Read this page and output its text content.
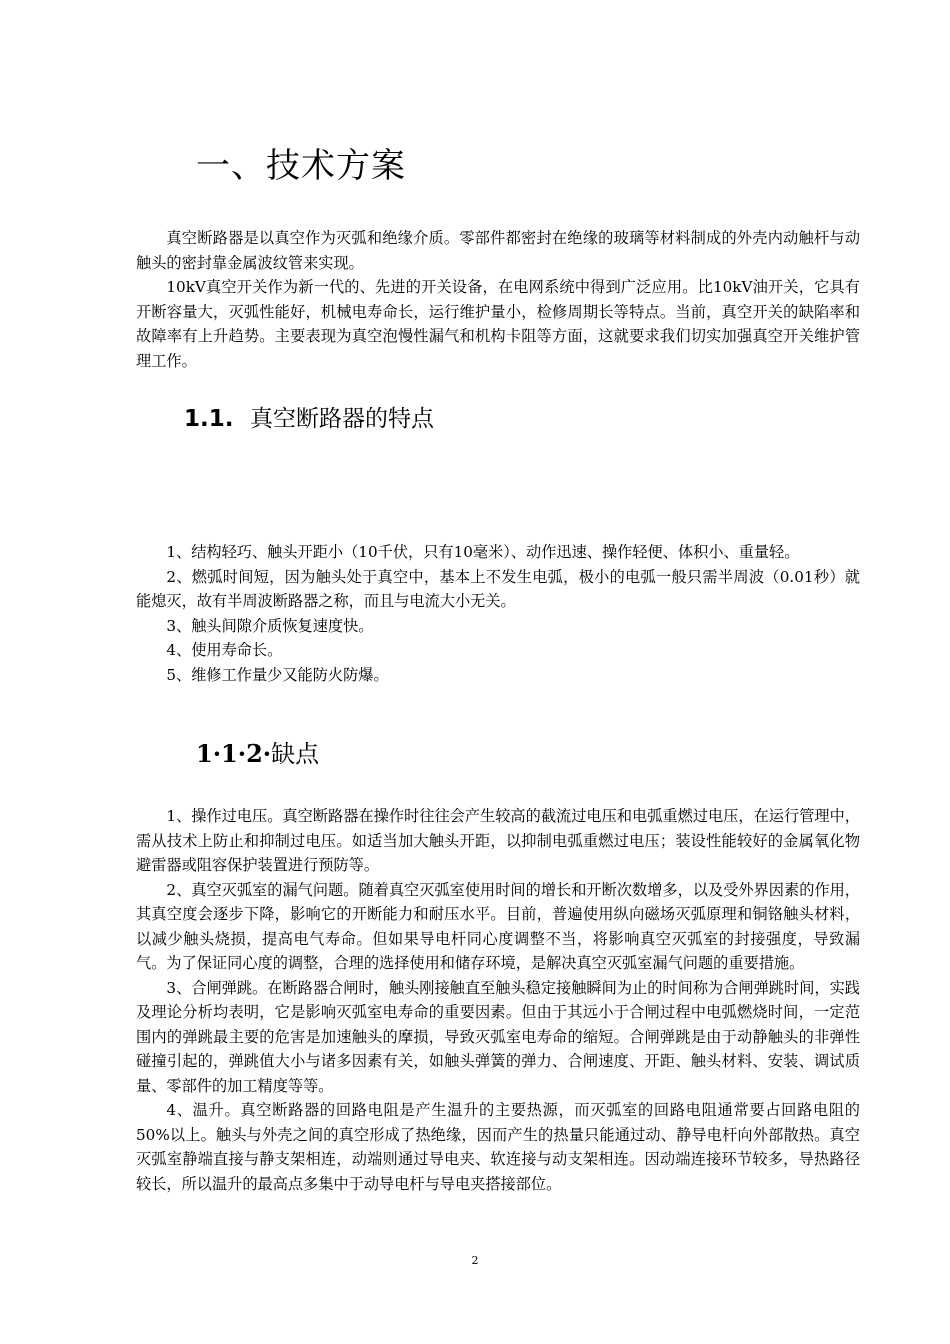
一、技术方案

真空断路器是以真空作为灭弧和绝缘介质。零部件都密封在绝缘的玻璃等材料制成的外壳内动触杆与动触头的密封靠金属波纹管来实现。

10kV真空开关作为新一代的、先进的开关设备，在电网系统中得到广泛应用。比10kV油开关，它具有开断容量大，灭弧性能好，机械电寿命长，运行维护量小，检修周期长等特点。当前，真空开关的缺陷率和故障率有上升趋势。主要表现为真空泡慢性漏气和机构卡阻等方面，这就要求我们切实加强真空开关维护管理工作。

1.1. 真空断路器的特点

1、结构轻巧、触头开距小（10千伏，只有10毫米）、动作迅速、操作轻便、体积小、重量轻。

2、燃弧时间短，因为触头处于真空中，基本上不发生电弧，极小的电弧一般只需半周波（0.01秒）就能熄灭，故有半周波断路器之称，而且与电流大小无关。

3、触头间隙介质恢复速度快。

4、使用寿命长。

5、维修工作量少又能防火防爆。

1·1·2·缺点

1、操作过电压。真空断路器在操作时往往会产生较高的截流过电压和电弧重燃过电压，在运行管理中，需从技术上防止和抑制过电压。如适当加大触头开距，以抑制电弧重燃过电压；装设性能较好的金属氧化物避雷器或阻容保护装置进行预防等。

2、真空灭弧室的漏气问题。随着真空灭弧室使用时间的增长和开断次数增多，以及受外界因素的作用，其真空度会逐步下降，影响它的开断能力和耐压水平。目前，普遍使用纵向磁场灭弧原理和铜铬触头材料，以减少触头烧损，提高电气寿命。但如果导电杆同心度调整不当，将影响真空灭弧室的封接强度，导致漏气。为了保证同心度的调整，合理的选择使用和储存环境，是解决真空灭弧室漏气问题的重要措施。

3、合闸弹跳。在断路器合闸时，触头刚接触直至触头稳定接触瞬间为止的时间称为合闸弹跳时间，实践及理论分析均表明，它是影响灭弧室电寿命的重要因素。但由于其远小于合闸过程中电弧燃烧时间，一定范围内的弹跳最主要的危害是加速触头的摩损，导致灭弧室电寿命的缩短。合闸弹跳是由于动静触头的非弹性碰撞引起的，弹跳值大小与诸多因素有关，如触头弹簧的弹力、合闸速度、开距、触头材料、安装、调试质量、零部件的加工精度等等。

4、温升。真空断路器的回路电阻是产生温升的主要热源，而灭弧室的回路电阻通常要占回路电阻的50%以上。触头与外壳之间的真空形成了热绝缘，因而产生的热量只能通过动、静导电杆向外部散热。真空灭弧室静端直接与静支架相连，动端则通过导电夹、软连接与动支架相连。因动端连接环节较多，导热路径较长，所以温升的最高点多集中于动导电杆与导电夹搭接部位。

2
